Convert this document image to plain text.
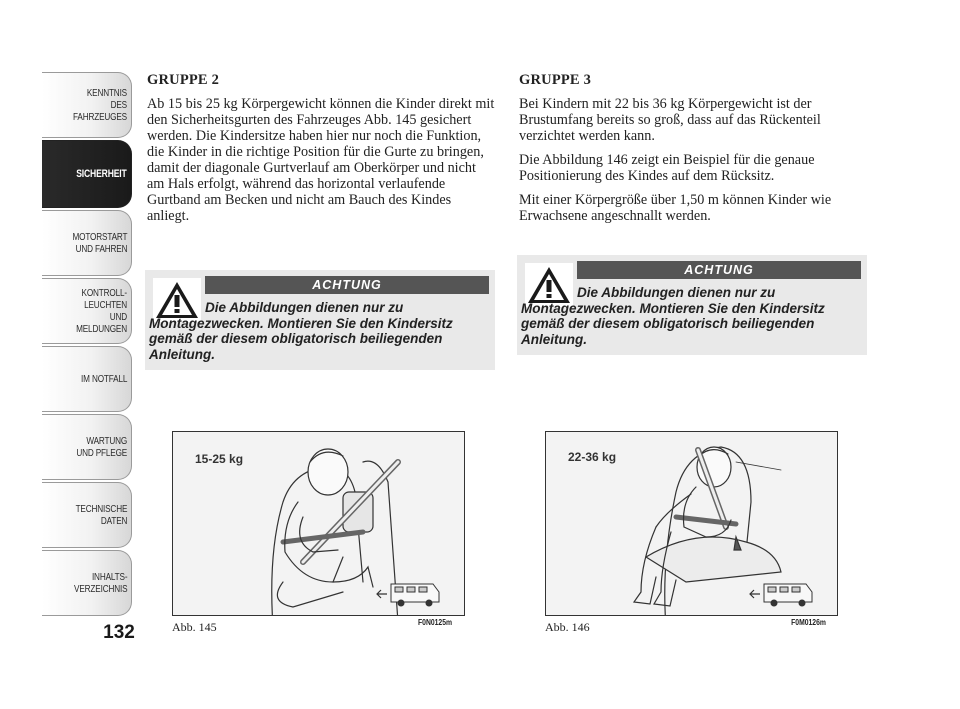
KENNTNIS
DES FAHRZEUGES
SICHERHEIT
MOTORSTART
UND FAHREN
KONTROLL-
LEUCHTEN
UND MELDUNGEN
IM NOTFALL
WARTUNG
UND PFLEGE
TECHNISCHE
DATEN
INHALTS-
VERZEICHNIS
132
GRUPPE 2

Ab 15 bis 25 kg Körpergewicht können die Kinder direkt mit den Sicherheitsgurten des Fahrzeuges Abb. 145 gesichert werden. Die Kindersitze haben hier nur noch die Funktion, die Kinder in die richtige Position für die Gurte zu bringen, damit der diagonale Gurtverlauf am Oberkörper und nicht am Hals erfolgt, während das horizontal verlaufende Gurtband am Becken und nicht am Bauch des Kindes anliegt.

ACHTUNG
Die Abbildungen dienen nur zu Montagezwecken. Montieren Sie den Kindersitz gemäß der diesem obligatorisch beiliegenden Anleitung.
15-25 kg
Abb. 145	F0N0125m
GRUPPE 3

Bei Kindern mit 22 bis 36 kg Körpergewicht ist der Brustumfang bereits so groß, dass auf das Rückenteil verzichtet werden kann.

Die Abbildung 146 zeigt ein Beispiel für die genaue Positionierung des Kindes auf dem Rücksitz.

Mit einer Körpergröße über 1,50 m können Kinder wie Erwachsene angeschnallt werden.

ACHTUNG
Die Abbildungen dienen nur zu Montagezwecken. Montieren Sie den Kindersitz gemäß der diesem obligatorisch beiliegenden Anleitung.
22-36 kg
Abb. 146	F0M0126m
